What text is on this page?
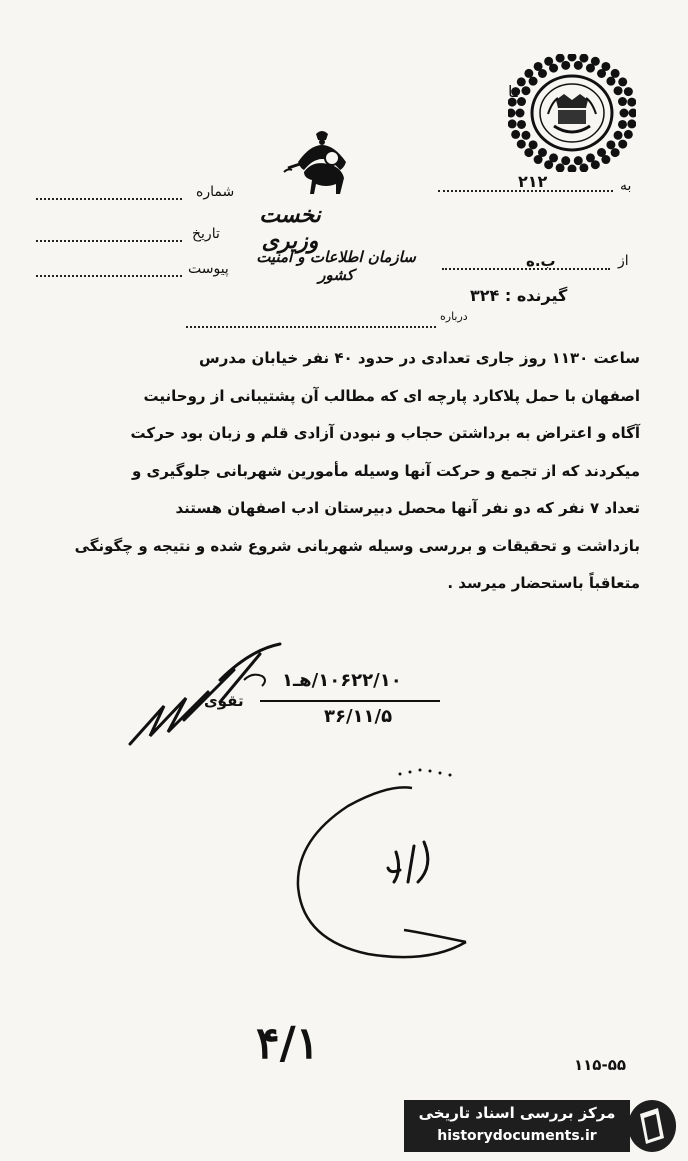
ـا
نخست وزیری
سازمان اطلاعات و امنیت کشور
به
۲۱۲
از
ب.ه
گیرنده : ۳۲۴
درباره
شماره
تاریخ
پیوست

ساعت ۱۱۳۰ روز جاری تعدادی در حدود ۴۰ نفر خیابان مدرس

اصفهان با حمل پلاکارد پارچه ای که مطالب آن پشتیبانی از روحانیت

آگاه و اعتراض به برداشتن حجاب و نبودن آزادی قلم و زبان بود حرکت

میکردند که از تجمع و حرکت آنها وسیله مأمورین شهربانی جلوگیری و

تعداد ۷ نفر که دو نفر آنها محصل دبیرستان ادب اصفهان هستند

بازداشت و تحقیقات و بررسی وسیله شهربانی شروع شده و نتیجه و چگونگی

متعاقباً باستحضار میرسد .

تقوی
۱۰۶۲۲/۱۰/هـ۱
۳۶/۱۱/۵
۴/۱	۱۱۵-۵۵
مرکز بررسی اسناد تاریخی
historydocuments.ir
